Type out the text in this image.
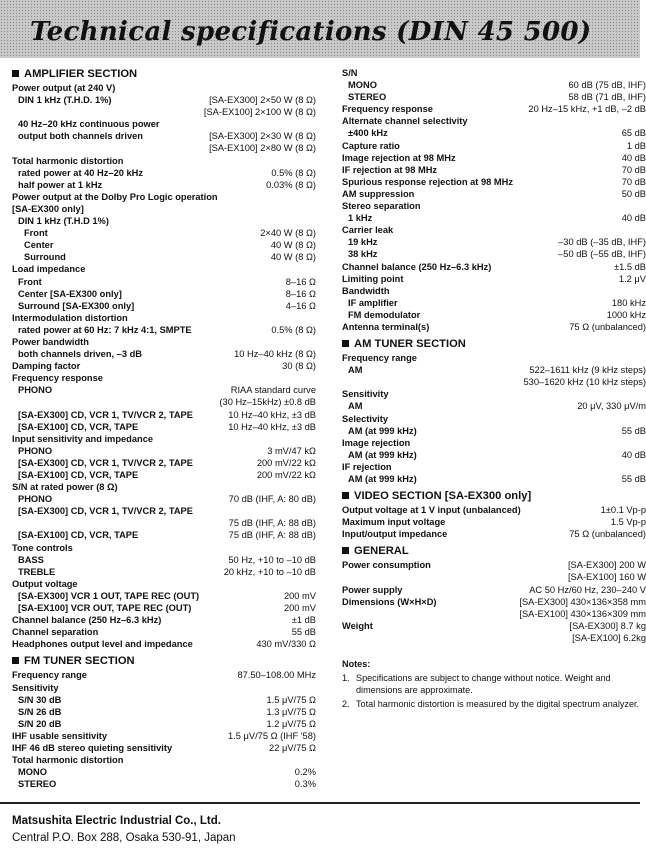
Technical specifications (DIN 45 500)
AMPLIFIER SECTION
Power output (at 240 V)
DIN 1 kHz (T.H.D. 1%)	[SA-EX300] 2×50 W (8 Ω)
[SA-EX100] 2×100 W (8 Ω)
40 Hz–20 kHz continuous power
output both channels driven	[SA-EX300] 2×30 W (8 Ω)
[SA-EX100] 2×80 W (8 Ω)
Total harmonic distortion
rated power at 40 Hz–20 kHz	0.5% (8 Ω)
half power at 1 kHz	0.03% (8 Ω)
Power output at the Dolby Pro Logic operation
[SA-EX300 only]
DIN 1 kHz (T.H.D 1%)
Front	2×40 W (8 Ω)
Center	40 W (8 Ω)
Surround	40 W (8 Ω)
Load impedance
Front	8–16 Ω
Center [SA-EX300 only]	8–16 Ω
Surround [SA-EX300 only]	4–16 Ω
Intermodulation distortion
rated power at 60 Hz: 7 kHz 4:1, SMPTE	0.5% (8 Ω)
Power bandwidth
both channels driven, –3 dB	10 Hz–40 kHz (8 Ω)
Damping factor	30 (8 Ω)
Frequency response
PHONO	RIAA standard curve
(30 Hz–15kHz) ±0.8 dB
[SA-EX300] CD, VCR 1, TV/VCR 2, TAPE	10 Hz–40 kHz, ±3 dB
[SA-EX100] CD, VCR, TAPE	10 Hz–40 kHz, ±3 dB
Input sensitivity and impedance
PHONO	3 mV/47 kΩ
[SA-EX300] CD, VCR 1, TV/VCR 2, TAPE	200 mV/22 kΩ
[SA-EX100] CD, VCR, TAPE	200 mV/22 kΩ
S/N at rated power (8 Ω)
PHONO	70 dB (IHF, A: 80 dB)
[SA-EX300] CD, VCR 1, TV/VCR 2, TAPE
75 dB (IHF, A: 88 dB)
[SA-EX100] CD, VCR, TAPE	75 dB (IHF, A: 88 dB)
Tone controls
BASS	50 Hz, +10 to –10 dB
TREBLE	20 kHz, +10 to –10 dB
Output voltage
[SA-EX300] VCR 1 OUT, TAPE REC (OUT)	200 mV
[SA-EX100] VCR OUT, TAPE REC (OUT)	200 mV
Channel balance (250 Hz–6.3 kHz)	±1 dB
Channel separation	55 dB
Headphones output level and impedance	430 mV/330 Ω
FM TUNER SECTION
Frequency range	87.50–108.00 MHz
Sensitivity
S/N 30 dB	1.5 μV/75 Ω
S/N 26 dB	1.3 μV/75 Ω
S/N 20 dB	1.2 μV/75 Ω
IHF usable sensitivity	1.5 μV/75 Ω (IHF '58)
IHF 46 dB stereo quieting sensitivity	22 μV/75 Ω
Total harmonic distortion
MONO	0.2%
STEREO	0.3%
S/N
MONO	60 dB (75 dB, IHF)
STEREO	58 dB (71 dB, IHF)
Frequency response	20 Hz–15 kHz, +1 dB, –2 dB
Alternate channel selectivity
±400 kHz	65 dB
Capture ratio	1 dB
Image rejection at 98 MHz	40 dB
IF rejection at 98 MHz	70 dB
Spurious response rejection at 98 MHz	70 dB
AM suppression	50 dB
Stereo separation
1 kHz	40 dB
Carrier leak
19 kHz	–30 dB (–35 dB, IHF)
38 kHz	–50 dB (–55 dB, IHF)
Channel balance (250 Hz–6.3 kHz)	±1.5 dB
Limiting point	1.2 μV
Bandwidth
IF amplifier	180 kHz
FM demodulator	1000 kHz
Antenna terminal(s)	75 Ω (unbalanced)
AM TUNER SECTION
Frequency range
AM	522–1611 kHz (9 kHz steps)
530–1620 kHz (10 kHz steps)
Sensitivity
AM	20 μV, 330 μV/m
Selectivity
AM (at 999 kHz)	55 dB
Image rejection
AM (at 999 kHz)	40 dB
IF rejection
AM (at 999 kHz)	55 dB
VIDEO SECTION [SA-EX300 only]
Output voltage at 1 V input (unbalanced)	1±0.1 Vp-p
Maximum input voltage	1.5 Vp-p
Input/output impedance	75 Ω (unbalanced)
GENERAL
Power consumption	[SA-EX300] 200 W
[SA-EX100] 160 W
Power supply	AC 50 Hz/60 Hz, 230–240 V
Dimensions (W×H×D)	[SA-EX300] 430×136×358 mm
[SA-EX100] 430×136×309 mm
Weight	[SA-EX300] 8.7 kg
[SA-EX100] 6.2kg
Notes:
1. Specifications are subject to change without notice. Weight and dimensions are approximate.
2. Total harmonic distortion is measured by the digital spectrum analyzer.
Matsushita Electric Industrial Co., Ltd.
Central P.O. Box 288, Osaka 530-91, Japan
